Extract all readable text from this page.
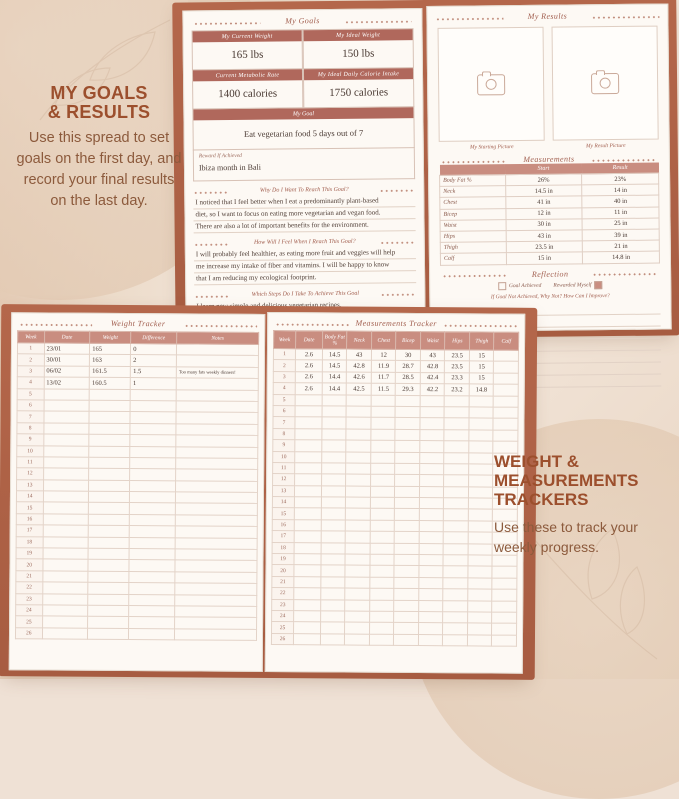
My Goals
My Current Weight
165 lbs
My Ideal Weight
150 lbs
Current Metabolic Rate
1400 calories
My Ideal Daily Calorie Intake
1750 calories
My Goal
Eat vegetarian food 5 days out of 7
Reward If Achieved
Ibiza month in Bali
Why Do I Want To Reach This Goal?
I noticed that I feel better when I eat a predominantly plant-based
diet, so I want to focus on eating more vegetarian and vegan food.
There are also a lot of important benefits for the environment.
How Will I Feel When I Reach This Goal?
I will probably feel healthier, as eating more fruit and veggies will help
me increase my intake of fiber and vitamins. I will be happy to know
that I am reducing my ecological footprint.
Which Steps Do I Take To Achieve This Goal
My Results
My Starting Picture	My Result Picture
Measurements
	Start	Result
Body Fat %	26%	23%
Neck	14.5 in	14 in
Chest	41 in	40 in
Bicep	12 in	11 in
Waist	30 in	25 in
Hips	43 in	39 in
Thigh	23.5 in	21 in
Calf	15 in	14.8 in
Reflection
Goal Achieved Rewarded Myself
If Goal Not Achieved, Why Not? How Can I Improve?
Weight Tracker
Week	Date	Weight	Difference	Notes
1	23/01	165	0	
2	30/01	163	2	
3	06/02	161.5	1.5	Too many fats weekly dinners!
4	13/02	160.5	1	
5				
6				
7				
8				
9				
10				
11				
12				
13				
14				
15				
16				
17				
18				
19				
20				
21				
22				
23				
24				
25				
26				
Measurements Tracker
Week	Date	Body Fat %	Neck	Chest	Bicep	Waist	Hips	Thigh	Calf
1	2.6	14.5	43	12	30	43	23.5	15	
2	2.6	14.5	42.8	11.9	28.7	42.8	23.5	15	
3	2.6	14.4	42.6	11.7	28.5	42.4	23.3	15	
4	2.6	14.4	42.5	11.5	29.3	42.2	23.2	14.8	
5									
6									
7									
8									
9									
10									
11									
12									
13									
14									
15									
16									
17									
18									
19									
20									
21									
22									
23									
24									
25									
26									
MY GOALS
& RESULTS
Use this spread to set goals on the first day, and record your final results on the last day.
WEIGHT &
MEASUREMENTS
TRACKERS
Use these to track your weekly progress.
